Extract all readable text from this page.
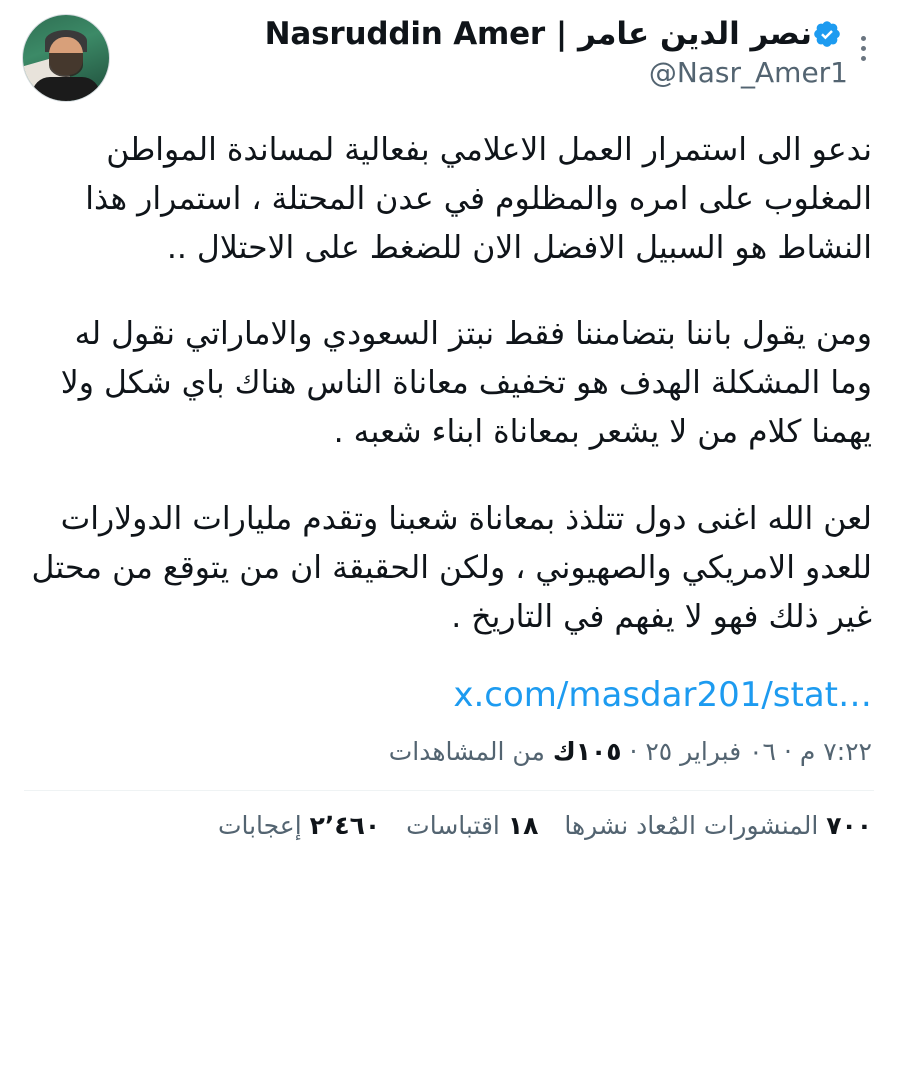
نصر الدين عامر | Nasruddin Amer
@Nasr_Amer1

ندعو الى استمرار العمل الاعلامي بفعالية لمساندة المواطن المغلوب على امره والمظلوم في عدن المحتلة ، استمرار هذا النشاط هو السبيل الافضل الان للضغط على الاحتلال ..

ومن يقول باننا بتضامننا فقط نبتز السعودي والاماراتي نقول له وما المشكلة الهدف هو تخفيف معاناة الناس هناك باي شكل ولا يهمنا كلام من لا يشعر بمعاناة ابناء شعبه .

لعن الله اغنى دول تتلذذ بمعاناة شعبنا وتقدم مليارات الدولارات للعدو الامريكي والصهيوني ، ولكن الحقيقة ان من يتوقع من محتل غير ذلك فهو لا يفهم في التاريخ .

x.com/masdar201/stat…
٧:٢٢ م · ٠٦ فبراير ٢٥ · ١٠٥ك من المشاهدات
٧٠٠ المنشورات المُعاد نشرها
١٨ اقتباسات
٢٬٤٦٠ إعجابات
